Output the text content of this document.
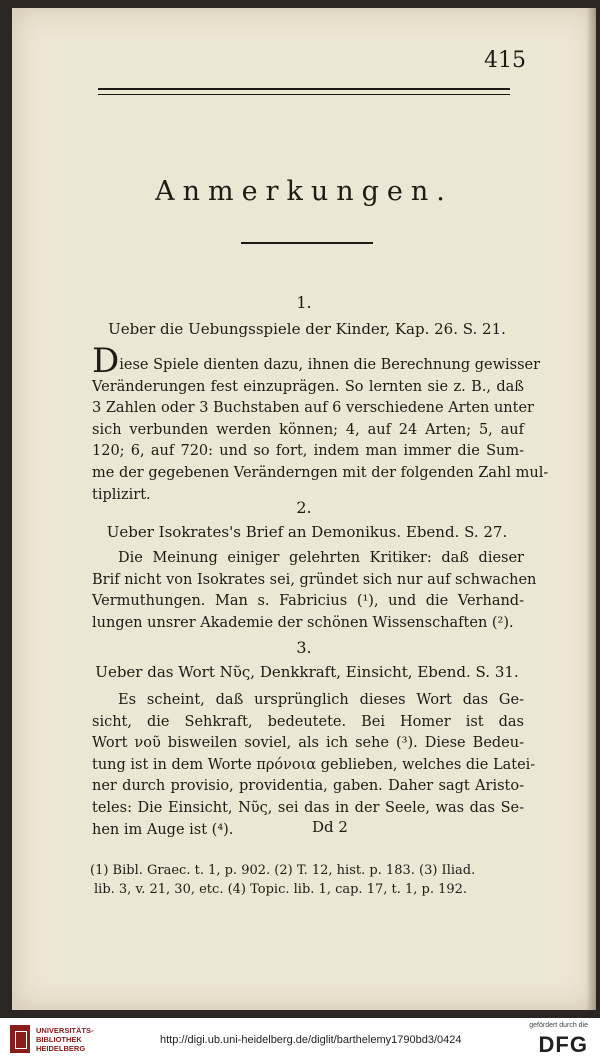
415
Anmerkungen.
1.
Ueber die Uebungsspiele der Kinder, Kap. 26. S. 21.
Diese Spiele dienten dazu, ihnen die Berechnung gewisser
Veränderungen fest einzuprägen. So lernten sie z. B., daß
3 Zahlen oder 3 Buchstaben auf 6 verschiedene Arten unter
sich verbunden werden können; 4, auf 24 Arten; 5, auf
120; 6, auf 720: und so fort, indem man immer die Sum-
me der gegebenen Veränderngen mit der folgenden Zahl mul-
tiplizirt.
2.
Ueber Isokrates's Brief an Demonikus. Ebend. S. 27.
Die Meinung einiger gelehrten Kritiker: daß dieser
Brif nicht von Isokrates sei, gründet sich nur auf schwachen
Vermuthungen. Man s. Fabricius (¹), und die Verhand-
lungen unsrer Akademie der schönen Wissenschaften (²).
3.
Ueber das Wort Νῦς, Denkkraft, Einsicht, Ebend. S. 31.
Es scheint, daß ursprünglich dieses Wort das Ge-
sicht, die Sehkraft, bedeutete. Bei Homer ist das
Wort νοῦ bisweilen soviel, als ich sehe (³). Diese Bedeu-
tung ist in dem Worte πρόνοια geblieben, welches die Latei-
ner durch provisio, providentia, gaben. Daher sagt Aristo-
teles: Die Einsicht, Νῦς, sei das in der Seele, was das Se-
hen im Auge ist (⁴).	Dd 2
(1) Bibl. Graec. t. 1, p. 902. (2) T. 12, hist. p. 183. (3) Iliad.
lib. 3, v. 21, 30, etc. (4) Topic. lib. 1, cap. 17, t. 1, p. 192.
UNIVERSITÄTS-
BIBLIOTHEK
HEIDELBERG
http://digi.ub.uni-heidelberg.de/diglit/barthelemy1790bd3/0424
gefördert durch die
DFG
